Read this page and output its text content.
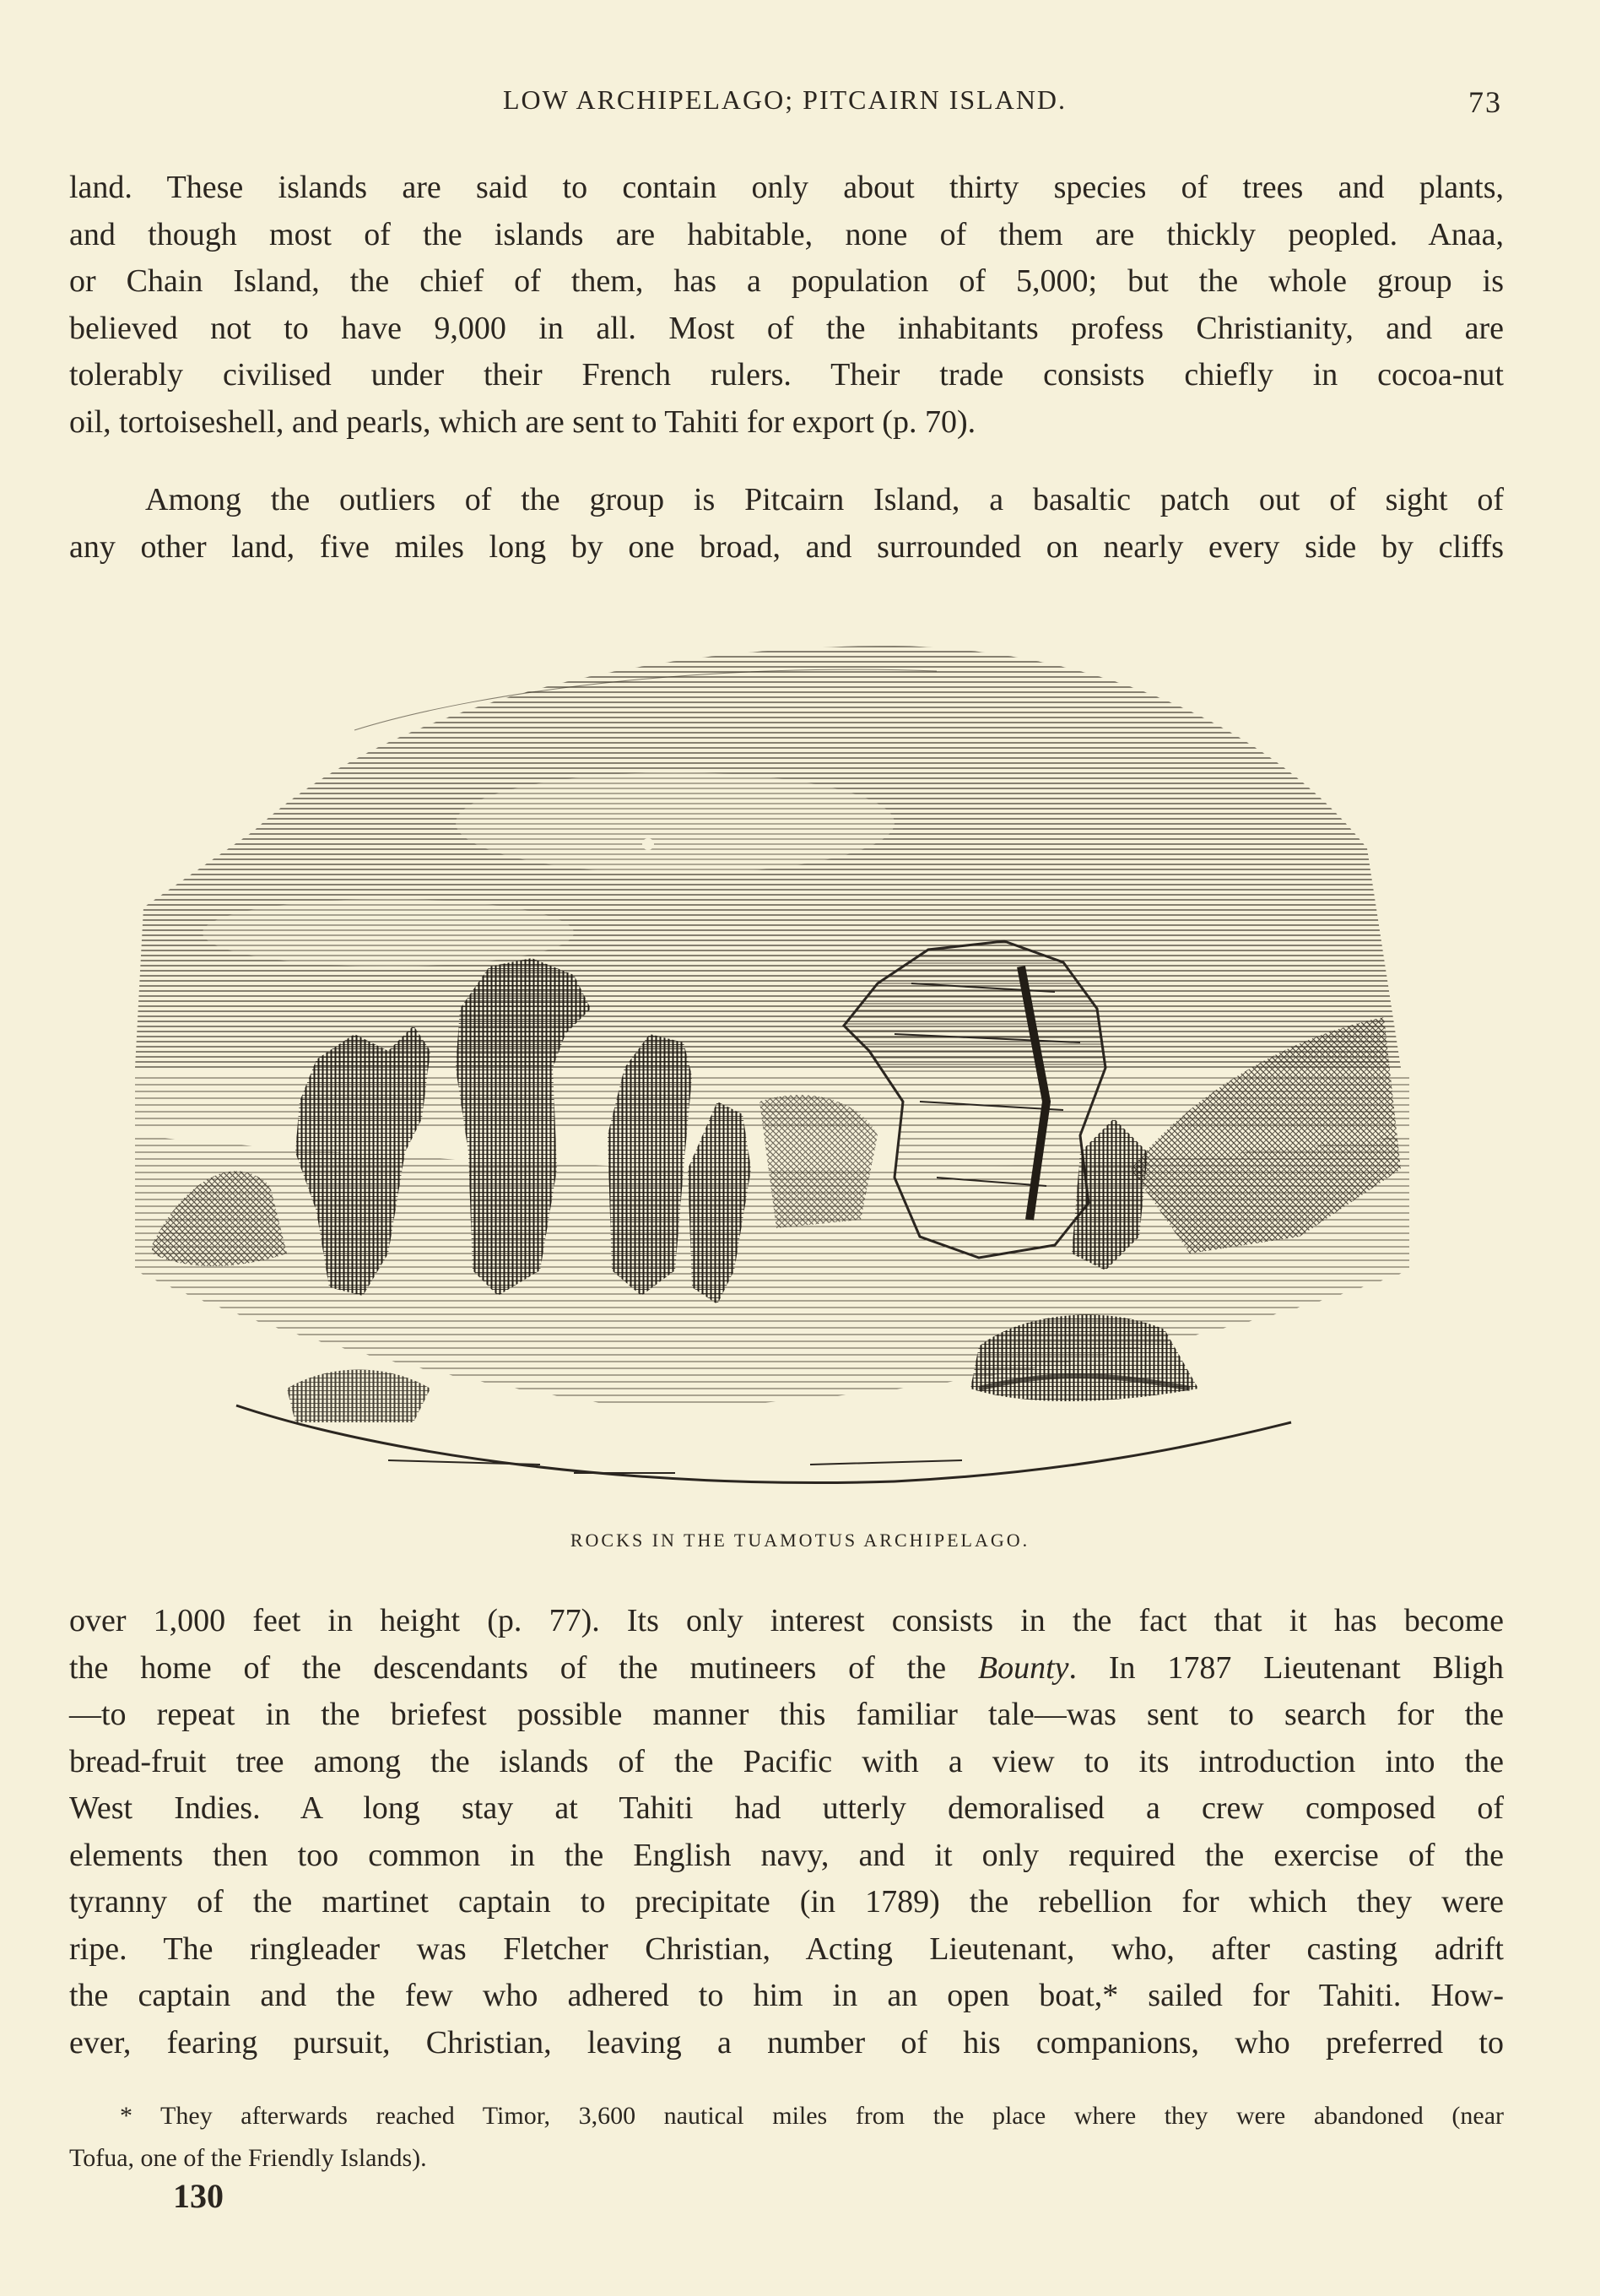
LOW ARCHIPELAGO; PITCAIRN ISLAND.	73
land. These islands are said to contain only about thirty species of trees and plants,
and though most of the islands are habitable, none of them are thickly peopled. Anaa,
or Chain Island, the chief of them, has a population of 5,000; but the whole group is
believed not to have 9,000 in all. Most of the inhabitants profess Christianity, and are
tolerably civilised under their French rulers. Their trade consists chiefly in cocoa-nut
oil, tortoiseshell, and pearls, which are sent to Tahiti for export (p. 70).
Among the outliers of the group is Pitcairn Island, a basaltic patch out of sight of
any other land, five miles long by one broad, and surrounded on nearly every side by cliffs
ROCKS IN THE TUAMOTUS ARCHIPELAGO.
over 1,000 feet in height (p. 77). Its only interest consists in the fact that it has become
the home of the descendants of the mutineers of the Bounty. In 1787 Lieutenant Bligh
—to repeat in the briefest possible manner this familiar tale—was sent to search for the
bread-fruit tree among the islands of the Pacific with a view to its introduction into the
West Indies. A long stay at Tahiti had utterly demoralised a crew composed of
elements then too common in the English navy, and it only required the exercise of the
tyranny of the martinet captain to precipitate (in 1789) the rebellion for which they were
ripe. The ringleader was Fletcher Christian, Acting Lieutenant, who, after casting adrift
the captain and the few who adhered to him in an open boat,* sailed for Tahiti. How-
ever, fearing pursuit, Christian, leaving a number of his companions, who preferred to
* They afterwards reached Timor, 3,600 nautical miles from the place where they were abandoned (near
Tofua, one of the Friendly Islands).
130
